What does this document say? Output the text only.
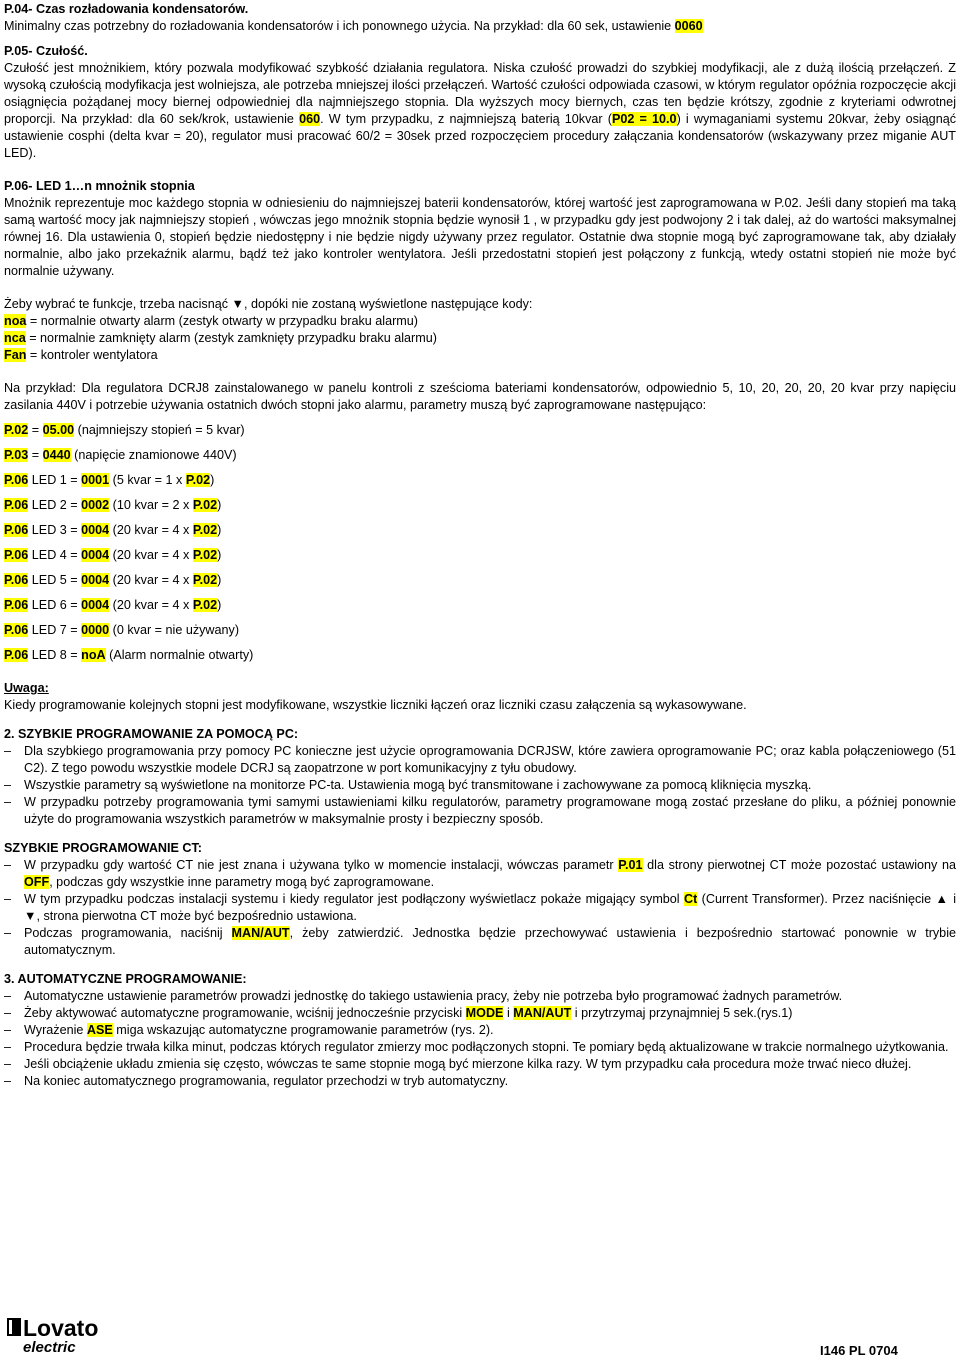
P.04- Czas rozładowania kondensatorów.

Minimalny czas potrzebny do rozładowania kondensatorów i ich ponownego użycia. Na przykład: dla 60 sek, ustawienie 0060

P.05- Czułość.

Czułość jest mnożnikiem, który pozwala modyfikować szybkość działania regulatora. Niska czułość prowadzi do szybkiej modyfikacji, ale z dużą ilością przełączeń. Z wysoką czułością modyfikacja jest wolniejsza, ale potrzeba mniejszej ilości przełączeń. Wartość czułości odpowiada czasowi, w którym regulator opóźnia rozpoczęcie akcji osiągnięcia pożądanej mocy biernej odpowiedniej dla najmniejszego stopnia. Dla wyższych mocy biernych, czas ten będzie krótszy, zgodnie z kryteriami odwrotnej proporcji. Na przykład: dla 60 sek/krok, ustawienie 060. W tym przypadku, z najmniejszą baterią 10kvar (P02 = 10.0) i wymaganiami systemu 20kvar, żeby osiągnąć ustawienie cosphi (delta kvar = 20), regulator musi pracować 60/2 = 30sek przed rozpoczęciem procedury załączania kondensatorów (wskazywany przez miganie AUT LED).

P.06- LED 1…n mnożnik stopnia

Mnożnik reprezentuje moc każdego stopnia w odniesieniu do najmniejszej baterii kondensatorów, której wartość jest zaprogramowana w P.02. Jeśli dany stopień ma taką samą wartość mocy jak najmniejszy stopień , wówczas jego mnożnik stopnia będzie wynosił 1 , w przypadku gdy jest podwojony 2 i tak dalej, aż do wartości maksymalnej równej 16. Dla ustawienia 0, stopień będzie niedostępny i nie będzie nigdy używany przez regulator. Ostatnie dwa stopnie mogą być zaprogramowane tak, aby działały normalnie, albo jako przekaźnik alarmu, bądź też jako kontroler wentylatora. Jeśli przedostatni stopień jest połączony z funkcją, wtedy ostatni stopień nie może być normalnie używany.

Żeby wybrać te funkcje, trzeba nacisnąć ▼, dopóki nie zostaną wyświetlone następujące kody:

noa = normalnie otwarty alarm (zestyk otwarty w przypadku braku alarmu)

nca = normalnie zamknięty alarm (zestyk zamknięty przypadku braku alarmu)

Fan = kontroler wentylatora

Na przykład: Dla regulatora DCRJ8 zainstalowanego w panelu kontroli z sześcioma bateriami kondensatorów, odpowiednio 5, 10, 20, 20, 20, 20 kvar przy napięciu zasilania 440V i potrzebie używania ostatnich dwóch stopni jako alarmu, parametry muszą być zaprogramowane następująco:

P.02 = 05.00 (najmniejszy stopień = 5 kvar)

P.03 = 0440 (napięcie znamionowe 440V)

P.06 LED 1 = 0001 (5 kvar = 1 x P.02)

P.06 LED 2 = 0002 (10 kvar = 2 x P.02)

P.06 LED 3 = 0004 (20 kvar = 4 x P.02)

P.06 LED 4 = 0004 (20 kvar = 4 x P.02)

P.06 LED 5 = 0004 (20 kvar = 4 x P.02)

P.06 LED 6 = 0004 (20 kvar = 4 x P.02)

P.06 LED 7 = 0000 (0 kvar = nie używany)

P.06 LED 8 = noA (Alarm normalnie otwarty)

Uwaga:

Kiedy programowanie kolejnych stopni jest modyfikowane, wszystkie liczniki łączeń oraz liczniki czasu załączenia są wykasowywane.

2. SZYBKIE PROGRAMOWANIE ZA POMOCĄ PC:

– Dla szybkiego programowania przy pomocy PC konieczne jest użycie oprogramowania DCRJSW, które zawiera oprogramowanie PC; oraz kabla połączeniowego (51 C2). Z tego powodu wszystkie modele DCRJ są zaopatrzone w port komunikacyjny z tyłu obudowy.
– Wszystkie parametry są wyświetlone na monitorze PC-ta. Ustawienia mogą być transmitowane i zachowywane za pomocą kliknięcia myszką.
– W przypadku potrzeby programowania tymi samymi ustawieniami kilku regulatorów, parametry programowane mogą zostać przesłane do pliku, a później ponownie użyte do programowania wszystkich parametrów w maksymalnie prosty i bezpieczny sposób.

SZYBKIE PROGRAMOWANIE CT:

– W przypadku gdy wartość CT nie jest znana i używana tylko w momencie instalacji, wówczas parametr P.01 dla strony pierwotnej CT może pozostać ustawiony na OFF, podczas gdy wszystkie inne parametry mogą być zaprogramowane.
– W tym przypadku podczas instalacji systemu i kiedy regulator jest podłączony wyświetlacz pokaże migający symbol Ct (Current Transformer). Przez naciśnięcie ▲ i ▼, strona pierwotna CT może być bezpośrednio ustawiona.
– Podczas programowania, naciśnij MAN/AUT, żeby zatwierdzić. Jednostka będzie przechowywać ustawienia i bezpośrednio startować ponownie w trybie automatycznym.

3. AUTOMATYCZNE PROGRAMOWANIE:

– Automatyczne ustawienie parametrów prowadzi jednostkę do takiego ustawienia pracy, żeby nie potrzeba było programować żadnych parametrów.
– Żeby aktywować automatyczne programowanie, wciśnij jednocześnie przyciski MODE i MAN/AUT i przytrzymaj przynajmniej 5 sek.(rys.1)
– Wyrażenie ASE miga wskazując automatyczne programowanie parametrów (rys. 2).
– Procedura będzie trwała kilka minut, podczas których regulator zmierzy moc podłączonych stopni. Te pomiary będą aktualizowane w trakcie normalnego użytkowania.
– Jeśli obciążenie układu zmienia się często, wówczas te same stopnie mogą być mierzone kilka razy. W tym przypadku cała procedura może trwać nieco dłużej.
– Na koniec automatycznego programowania, regulator przechodzi w tryb automatyczny.
Lovato
electric	I146 PL 0704
